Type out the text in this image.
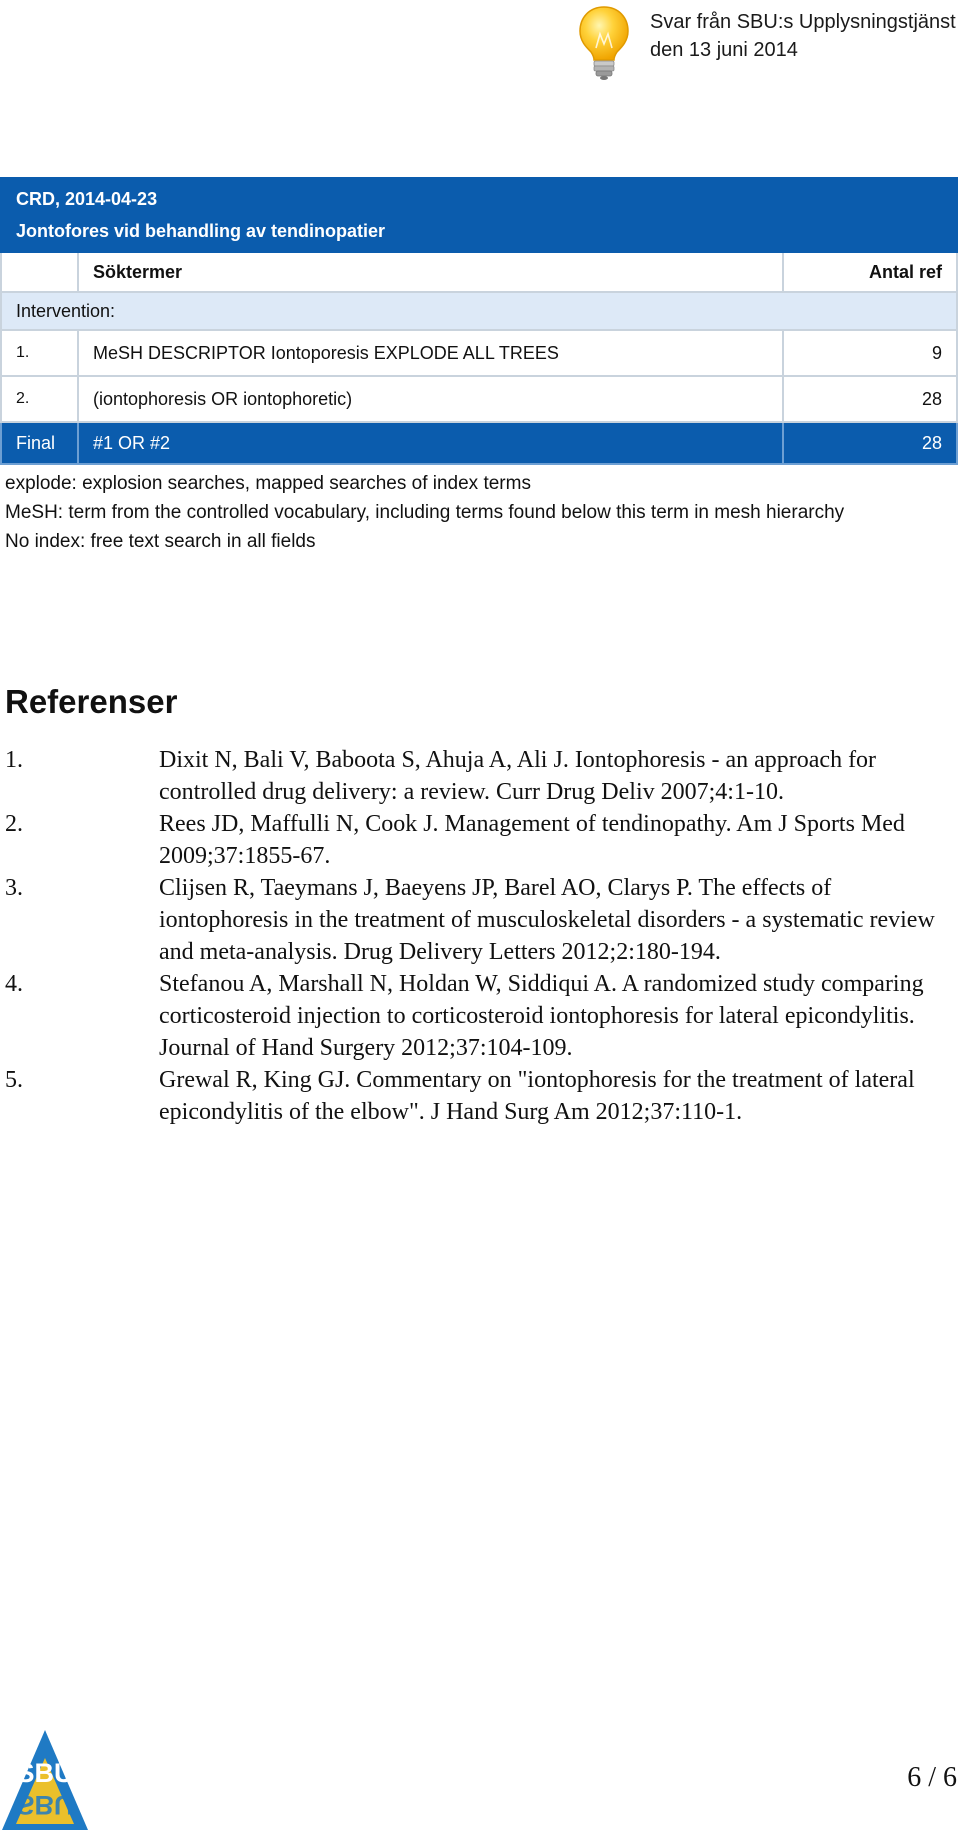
Svar från SBU:s Upplysningstjänst
den 13 juni 2014
CRD, 2014-04-23
Jontofores vid behandling av tendinopatier		

	Söktermer	Antal ref
Intervention:		
1.	MeSH DESCRIPTOR Iontoporesis EXPLODE ALL TREES	9
2.	(iontophoresis OR iontophoretic)	28
Final	#1 OR #2	28

explode: explosion searches, mapped searches of index terms

MeSH: term from the controlled vocabulary, including terms found below this term in mesh hierarchy

No index: free text search in all fields

Referenser
1.	Dixit N, Bali V, Baboota S, Ahuja A, Ali J. Iontophoresis - an approach for controlled drug delivery: a review. Curr Drug Deliv 2007;4:1-10.
2.	Rees JD, Maffulli N, Cook J. Management of tendinopathy. Am J Sports Med 2009;37:1855-67.
3.	Clijsen R, Taeymans J, Baeyens JP, Barel AO, Clarys P. The effects of iontophoresis in the treatment of musculoskeletal disorders - a systematic review and meta-analysis. Drug Delivery Letters 2012;2:180-194.
4.	Stefanou A, Marshall N, Holdan W, Siddiqui A. A randomized study comparing corticosteroid injection to corticosteroid iontophoresis for lateral epicondylitis. Journal of Hand Surgery 2012;37:104-109.
5.	Grewal R, King GJ. Commentary on "iontophoresis for the treatment of lateral epicondylitis of the elbow". J Hand Surg Am 2012;37:110-1.
SBU
SBU
6 / 6
